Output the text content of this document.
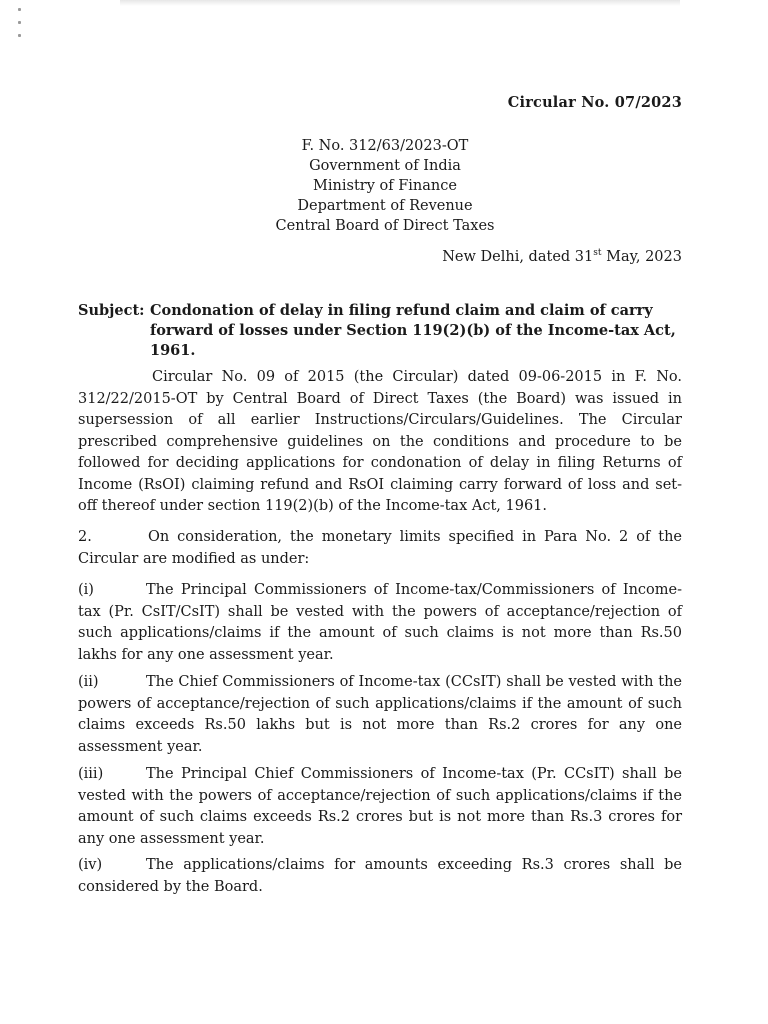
Circular No. 07/2023
F. No. 312/63/2023-OT
Government of India
Ministry of Finance
Department of Revenue
Central Board of Direct Taxes
New Delhi, dated 31st May, 2023
Subject: Condonation of delay in filing refund claim and claim of carry forward of losses under Section 119(2)(b) of the Income-tax Act, 1961.
Circular No. 09 of 2015 (the Circular) dated 09-06-2015 in F. No. 312/22/2015-OT by Central Board of Direct Taxes (the Board) was issued in supersession of all earlier Instructions/Circulars/Guidelines. The Circular prescribed comprehensive guidelines on the conditions and procedure to be followed for deciding applications for condonation of delay in filing Returns of Income (RsOI) claiming refund and RsOI claiming carry forward of loss and set-off thereof under section 119(2)(b) of the Income-tax Act, 1961.
2.	On consideration, the monetary limits specified in Para No. 2 of the Circular are modified as under:
(i)	The Principal Commissioners of Income-tax/Commissioners of Income-tax (Pr. CsIT/CsIT) shall be vested with the powers of acceptance/rejection of such applications/claims if the amount of such claims is not more than Rs.50 lakhs for any one assessment year.
(ii)	The Chief Commissioners of Income-tax (CCsIT) shall be vested with the powers of acceptance/rejection of such applications/claims if the amount of such claims exceeds Rs.50 lakhs but is not more than Rs.2 crores for any one assessment year.
(iii)	The Principal Chief Commissioners of Income-tax (Pr. CCsIT) shall be vested with the powers of acceptance/rejection of such applications/claims if the amount of such claims exceeds Rs.2 crores but is not more than Rs.3 crores for any one assessment year.
(iv)	The applications/claims for amounts exceeding Rs.3 crores shall be considered by the Board.
